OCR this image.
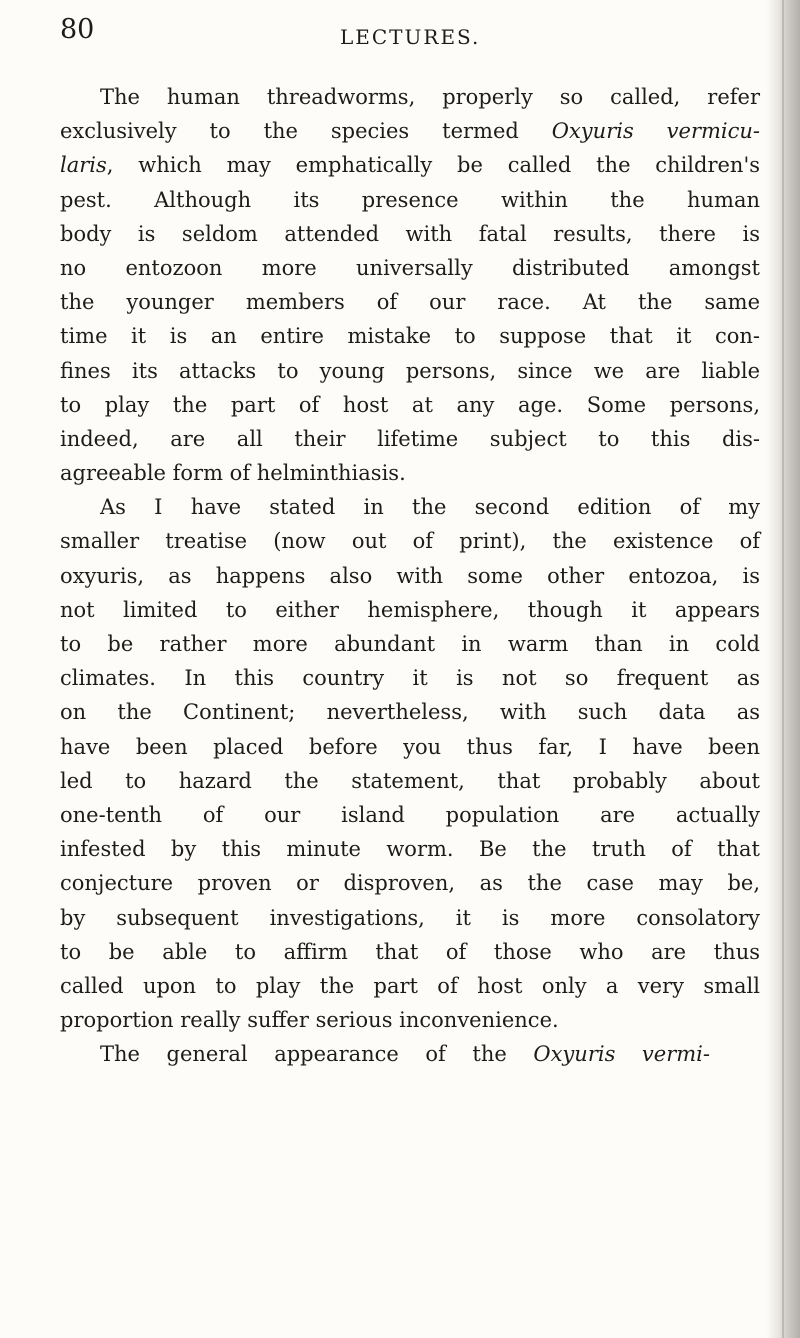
80	LECTURES.
The human threadworms, properly so called, refer
exclusively to the species termed Oxyuris vermicu-
laris, which may emphatically be called the children's
pest. Although its presence within the human
body is seldom attended with fatal results, there is
no entozoon more universally distributed amongst
the younger members of our race. At the same
time it is an entire mistake to suppose that it con-
fines its attacks to young persons, since we are liable
to play the part of host at any age. Some persons,
indeed, are all their lifetime subject to this dis-
agreeable form of helminthiasis.
As I have stated in the second edition of my
smaller treatise (now out of print), the existence of
oxyuris, as happens also with some other entozoa, is
not limited to either hemisphere, though it appears
to be rather more abundant in warm than in cold
climates. In this country it is not so frequent as
on the Continent; nevertheless, with such data as
have been placed before you thus far, I have been
led to hazard the statement, that probably about
one-tenth of our island population are actually
infested by this minute worm. Be the truth of that
conjecture proven or disproven, as the case may be,
by subsequent investigations, it is more consolatory
to be able to affirm that of those who are thus
called upon to play the part of host only a very small
proportion really suffer serious inconvenience.
The general appearance of the Oxyuris vermi-
